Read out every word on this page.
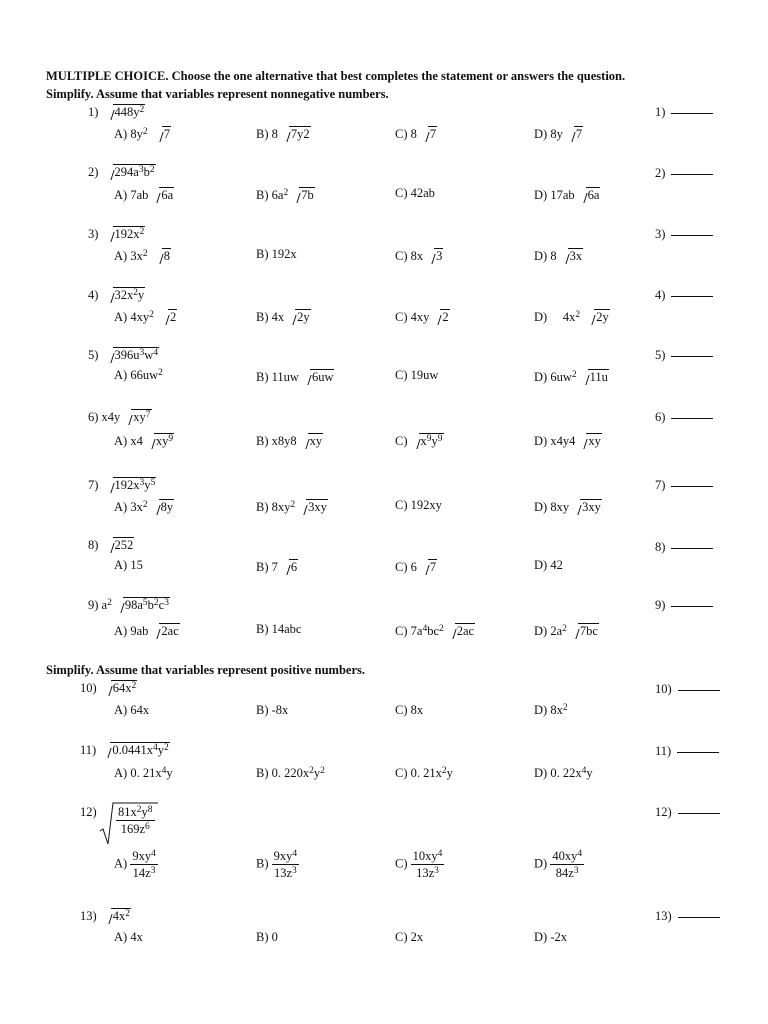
MULTIPLE CHOICE. Choose the one alternative that best completes the statement or answers the question.
Simplify. Assume that variables represent nonnegative numbers.
1) $448y^2$	1)
A) $8y^2$ 7	B) 8 7y2	C) 8 7	D) 8y 7
2) $294a^3b^2$	2)
A) 7ab 6a	B) $6a^2$ 7b	C) 42ab	D) 17ab 6a
3) $192x^2$	3)
A) $3x^2$ 8	B) 192x	C) 8x 3	D) 8 3x
4) $32x^2y$	4)
A) $4xy^2$ 2	B) 4x 2y	C) 4xy 2	D) $4x^2$ 2y
5) $396u^3w^4$	5)
A) $66uw^2$	B) 11uw 6uw	C) 19uw	D) $6uw^2$ 11u
6) x4y $xy^7$	6)
A) x4 $xy^9$	B) x8y8 xy	C) $x^9y^9$	D) x4y4 xy
7) $192x^3y^5$	7)
A) $3x^2$ 8y	B) $8xy^2$ 3xy	C) 192xy	D) 8xy 3xy
8) 252	8)
A) 15	B) 7 6	C) 6 7	D) 42
9) $a^2$ $98a^5b^2c^3$	9)
A) 9ab 2ac	B) 14abc	C) $7a^4bc^2$ 2ac	D) $2a^2$ 7bc
Simplify. Assume that variables represent positive numbers.
10) $64x^2$	10)
A) 64x	B) -8x	C) 8x	D) $8x^2$
11) $0.0441x^4y^2$	11)
A) 0. $21x^4y$	B) 0. $220x^2y^2$	C) 0. $21x^2y$	D) 0. $22x^4y$
$12) \frac{81x^2y^8}{169z^6}$	12)
$A) \frac{9xy^4}{14z^3}$	$B) \frac{9xy^4}{13z^3}$	$C) \frac{10xy^4}{13z^3}$	$D) \frac{40xy^4}{84z^3}$
13) $4x^2$	13)
A) 4x	B) 0	C) 2x	D) -2x
